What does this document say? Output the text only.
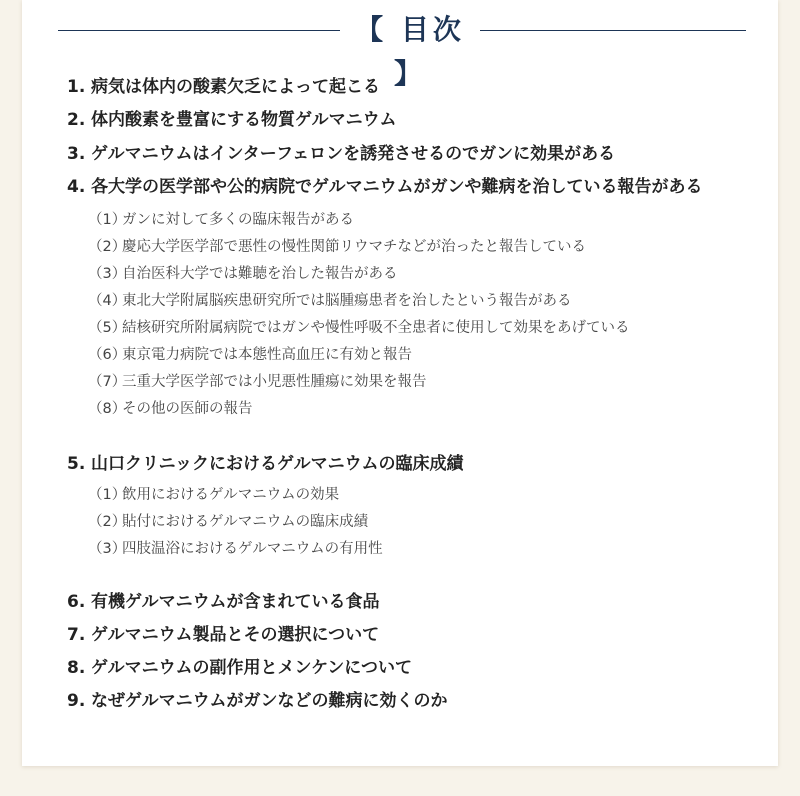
【 目次 】
1. 病気は体内の酸素欠乏によって起こる
2. 体内酸素を豊富にする物質ゲルマニウム
3. ゲルマニウムはインターフェロンを誘発させるのでガンに効果がある
4. 各大学の医学部や公的病院でゲルマニウムがガンや難病を治している報告がある
（1）ガンに対して多くの臨床報告がある
（2）慶応大学医学部で悪性の慢性関節リウマチなどが治ったと報告している
（3）自治医科大学では難聴を治した報告がある
（4）東北大学附属脳疾患研究所では脳腫瘍患者を治したという報告がある
（5）結核研究所附属病院ではガンや慢性呼吸不全患者に使用して効果をあげている
（6）東京電力病院では本態性高血圧に有効と報告
（7）三重大学医学部では小児悪性腫瘍に効果を報告
（8）その他の医師の報告
5. 山口クリニックにおけるゲルマニウムの臨床成績
（1）飲用におけるゲルマニウムの効果
（2）貼付におけるゲルマニウムの臨床成績
（3）四肢温浴におけるゲルマニウムの有用性
6. 有機ゲルマニウムが含まれている食品
7. ゲルマニウム製品とその選択について
8. ゲルマニウムの副作用とメンケンについて
9. なぜゲルマニウムがガンなどの難病に効くのか
